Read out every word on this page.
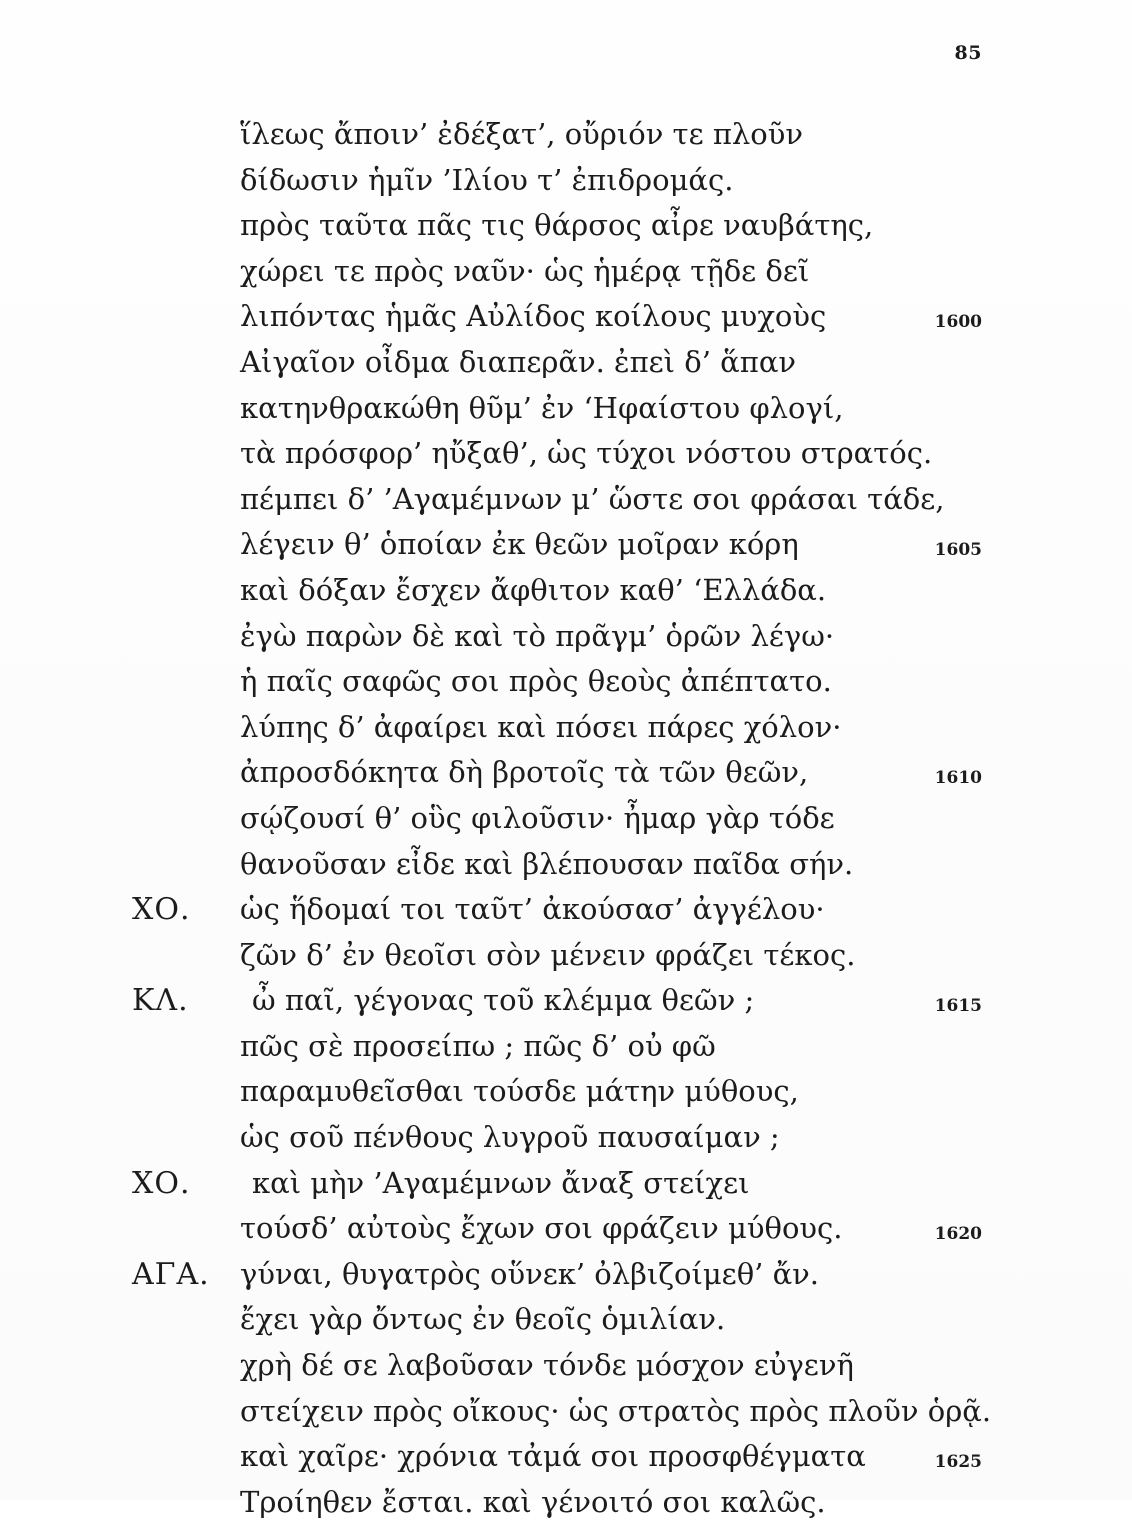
85
ἵλεως ἄποιν’ ἐδέξατ’, οὔριόν τε πλοῦν
δίδωσιν ἡμῖν ’Ιλίου τ’ ἐπιδρομάς.
πρὸς ταῦτα πᾶς τις θάρσος αἶρε ναυβάτης,
χώρει τε πρὸς ναῦν· ὡς ἡμέρᾳ τῇδε δεῖ
λιπόντας ἡμᾶς Αὐλίδος κοίλους μυχοὺς	1600
Αἰγαῖον οἶδμα διαπερᾶν. ἐπεὶ δ’ ἅπαν
κατηνθρακώθη θῦμ’ ἐν ‘Ηφαίστου φλογί,
τὰ πρόσφορ’ ηὔξαθ’, ὡς τύχοι νόστου στρατός.
πέμπει δ’ ’Αγαμέμνων μ’ ὥστε σοι φράσαι τάδε,
λέγειν θ’ ὁποίαν ἐκ θεῶν μοῖραν κόρη	1605
καὶ δόξαν ἔσχεν ἄφθιτον καθ’ ‘Ελλάδα.
ἐγὼ παρὼν δὲ καὶ τὸ πρᾶγμ’ ὁρῶν λέγω·
ἡ παῖς σαφῶς σοι πρὸς θεοὺς ἀπέπτατο.
λύπης δ’ ἀφαίρει καὶ πόσει πάρες χόλον·
ἀπροσδόκητα δὴ βροτοῖς τὰ τῶν θεῶν,	1610
σῴζουσί θ’ οὓς φιλοῦσιν· ἦμαρ γὰρ τόδε
θανοῦσαν εἶδε καὶ βλέπουσαν παῖδα σήν.
ΧΟ. ὡς ἥδομαί τοι ταῦτ’ ἀκούσασ’ ἀγγέλου·
ζῶν δ’ ἐν θεοῖσι σὸν μένειν φράζει τέκος.
ΚΛ. ὦ παῖ, γέγονας τοῦ κλέμμα θεῶν ;	1615
πῶς σὲ προσείπω ; πῶς δ’ οὐ φῶ
παραμυθεῖσθαι τούσδε μάτην μύθους,
ὡς σοῦ πένθους λυγροῦ παυσαίμαν ;
ΧΟ. καὶ μὴν ’Αγαμέμνων ἄναξ στείχει
τούσδ’ αὐτοὺς ἔχων σοι φράζειν μύθους.	1620
ΑΓΑ. γύναι, θυγατρὸς οὕνεκ’ ὀλβιζοίμεθ’ ἄν.
ἔχει γὰρ ὄντως ἐν θεοῖς ὁμιλίαν.
χρὴ δέ σε λαβοῦσαν τόνδε μόσχον εὐγενῆ
στείχειν πρὸς οἴκους· ὡς στρατὸς πρὸς πλοῦν ὁρᾷ.
καὶ χαῖρε· χρόνια τἀμά σοι προσφθέγματα	1625
Τροίηθεν ἔσται. καὶ γένοιτό σοι καλῶς.
